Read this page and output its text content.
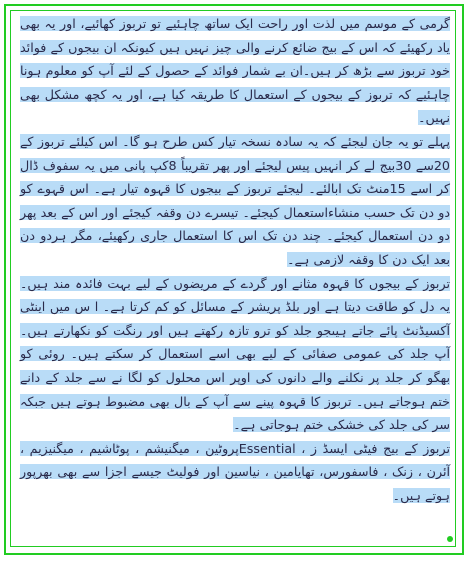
گرمی کے موسم میں لذت اور راحت ایک ساتھ چاہئیے تو تربوز کھائیے، اور یہ بھی یاد رکھیئے کہ اس کے بیج ضائع کرنے والی چیز نہیں ہیں کیونکہ ان بیجوں کے فوائد خود تربوز سے بڑھ کر ہیں۔ان بے شمار فوائد کے حصول کے لئے آپ کو معلوم ہونا چاہئیے کہ تربوز کے بیجوں کے استعمال کا طریقہ کیا ہے، اور یہ کچھ مشکل بھی نہیں۔

پہلے تو یہ جان لیجئے کہ یہ سادہ نسخہ تیار کس طرح ہو گا۔ اس کیلئے تربوز کے 20سے 30بیج لے کر انہیں پیس لیجئے اور پھر تقریباً 8کپ پانی میں یہ سفوف ڈال کر اسے 15منٹ تک ابالئے۔ لیجئے تربوز کے بیجوں کا قہوہ تیار ہے۔ اس قہوے کو دو دن تک حسب منشاءاستعمال کیجئے۔ تیسرے دن وقفہ کیجئے اور اس کے بعد پھر دو دن استعمال کیجئے۔ چند دن تک اس کا استعمال جاری رکھیئے، مگر ہردو دن بعد ایک دن کا وقفہ لازمی ہے۔

تربوز کے بیجوں کا قہوہ مثانے اور گردے کے مریضوں کے لیے بہت فائدہ مند ہیں۔یہ دل کو طاقت دیتا ہے اور بلڈ پریشر کے مسائل کو کم کرتا ہے۔ ا س میں اینٹی آکسیڈنٹ پائے جاتے ہیںجو جلد کو ترو تازہ رکھتے ہیں اور رنگت کو نکھارتے ہیں۔ آپ جلد کی عمومی صفائی کے لیے بھی اسے استعمال کر سکتے ہیں۔ روئی کو بھگو کر جلد پر نکلنے والے دانوں کی اوپر اس محلول کو لگا نے سے جلد کے دانے ختم ہوجاتے ہیں۔ تربوز کا قہوہ پینے سے آپ کے بال بھی مضبوط ہوتے ہیں جبکہ سر کی جلد کی خشکی ختم ہوجاتی ہے۔

تربوز کے بیج فیٹی ایسڈ ز ، Essentialپروٹین ، میگنیشم ، پوٹاشیم ، میگنیزیم ، آئرن ، زنک ، فاسفورس، تھایامین ، نیاسین اور فولیٹ جیسے اجزا سے بھی بھرپور ہوتے ہیں۔
